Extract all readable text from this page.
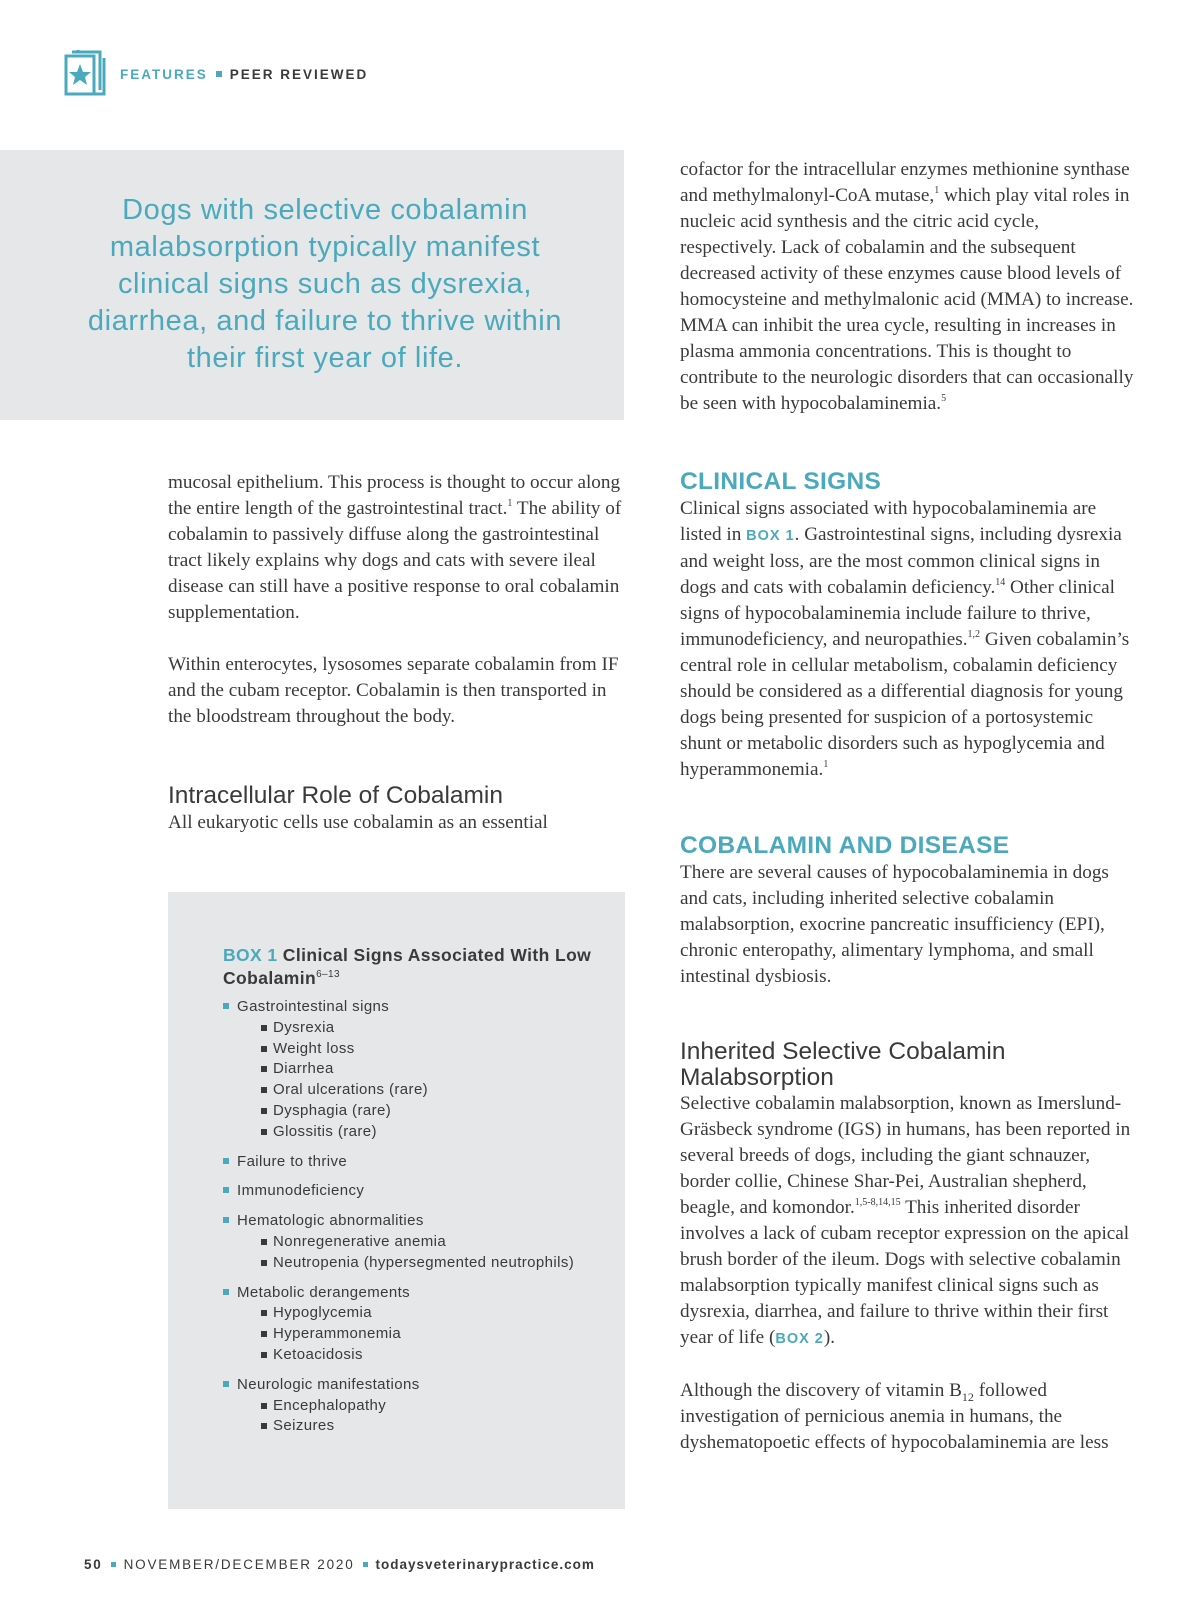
FEATURES PEER REVIEWED

Dogs with selective cobalamin malabsorption typically manifest clinical signs such as dysrexia, diarrhea, and failure to thrive within their first year of life.

mucosal epithelium. This process is thought to occur along the entire length of the gastrointestinal tract.$^1$ The ability of cobalamin to passively diffuse along the gastrointestinal tract likely explains why dogs and cats with severe ileal disease can still have a positive response to oral cobalamin supplementation.

Within enterocytes, lysosomes separate cobalamin from IF and the cubam receptor. Cobalamin is then transported in the bloodstream throughout the body.

Intracellular Role of Cobalamin

All eukaryotic cells use cobalamin as an essential

BOX 1 Clinical Signs Associated With Low Cobalamin$^{6-13}$
Gastrointestinal signs
Dysrexia
Weight loss
Diarrhea
Oral ulcerations (rare)
Dysphagia (rare)
Glossitis (rare)
Failure to thrive
Immunodeficiency
Hematologic abnormalities
Nonregenerative anemia
Neutropenia (hypersegmented neutrophils)
Metabolic derangements
Hypoglycemia
Hyperammonemia
Ketoacidosis
Neurologic manifestations
Encephalopathy
Seizures

cofactor for the intracellular enzymes methionine synthase and methylmalonyl-CoA mutase,$^1$ which play vital roles in nucleic acid synthesis and the citric acid cycle, respectively. Lack of cobalamin and the subsequent decreased activity of these enzymes cause blood levels of homocysteine and methylmalonic acid (MMA) to increase. MMA can inhibit the urea cycle, resulting in increases in plasma ammonia concentrations. This is thought to contribute to the neurologic disorders that can occasionally be seen with hypocobalaminemia.$^5$

CLINICAL SIGNS

Clinical signs associated with hypocobalaminemia are listed in BOX 1. Gastrointestinal signs, including dysrexia and weight loss, are the most common clinical signs in dogs and cats with cobalamin deficiency.$^{14}$ Other clinical signs of hypocobalaminemia include failure to thrive, immunodeficiency, and neuropathies.$^{1,2}$ Given cobalamin’s central role in cellular metabolism, cobalamin deficiency should be considered as a differential diagnosis for young dogs being presented for suspicion of a portosystemic shunt or metabolic disorders such as hypoglycemia and hyperammonemia.$^1$

COBALAMIN AND DISEASE

There are several causes of hypocobalaminemia in dogs and cats, including inherited selective cobalamin malabsorption, exocrine pancreatic insufficiency (EPI), chronic enteropathy, alimentary lymphoma, and small intestinal dysbiosis.

Inherited Selective Cobalamin Malabsorption

Selective cobalamin malabsorption, known as Imerslund-Gräsbeck syndrome (IGS) in humans, has been reported in several breeds of dogs, including the giant schnauzer, border collie, Chinese Shar-Pei, Australian shepherd, beagle, and komondor.$^{1,5-8,14,15}$ This inherited disorder involves a lack of cubam receptor expression on the apical brush border of the ileum. Dogs with selective cobalamin malabsorption typically manifest clinical signs such as dysrexia, diarrhea, and failure to thrive within their first year of life (BOX 2).

Although the discovery of vitamin $B_{12}$ followed investigation of pernicious anemia in humans, the dyshematopoetic effects of hypocobalaminemia are less

50 NOVEMBER/DECEMBER 2020 todaysveterinarypractice.com
